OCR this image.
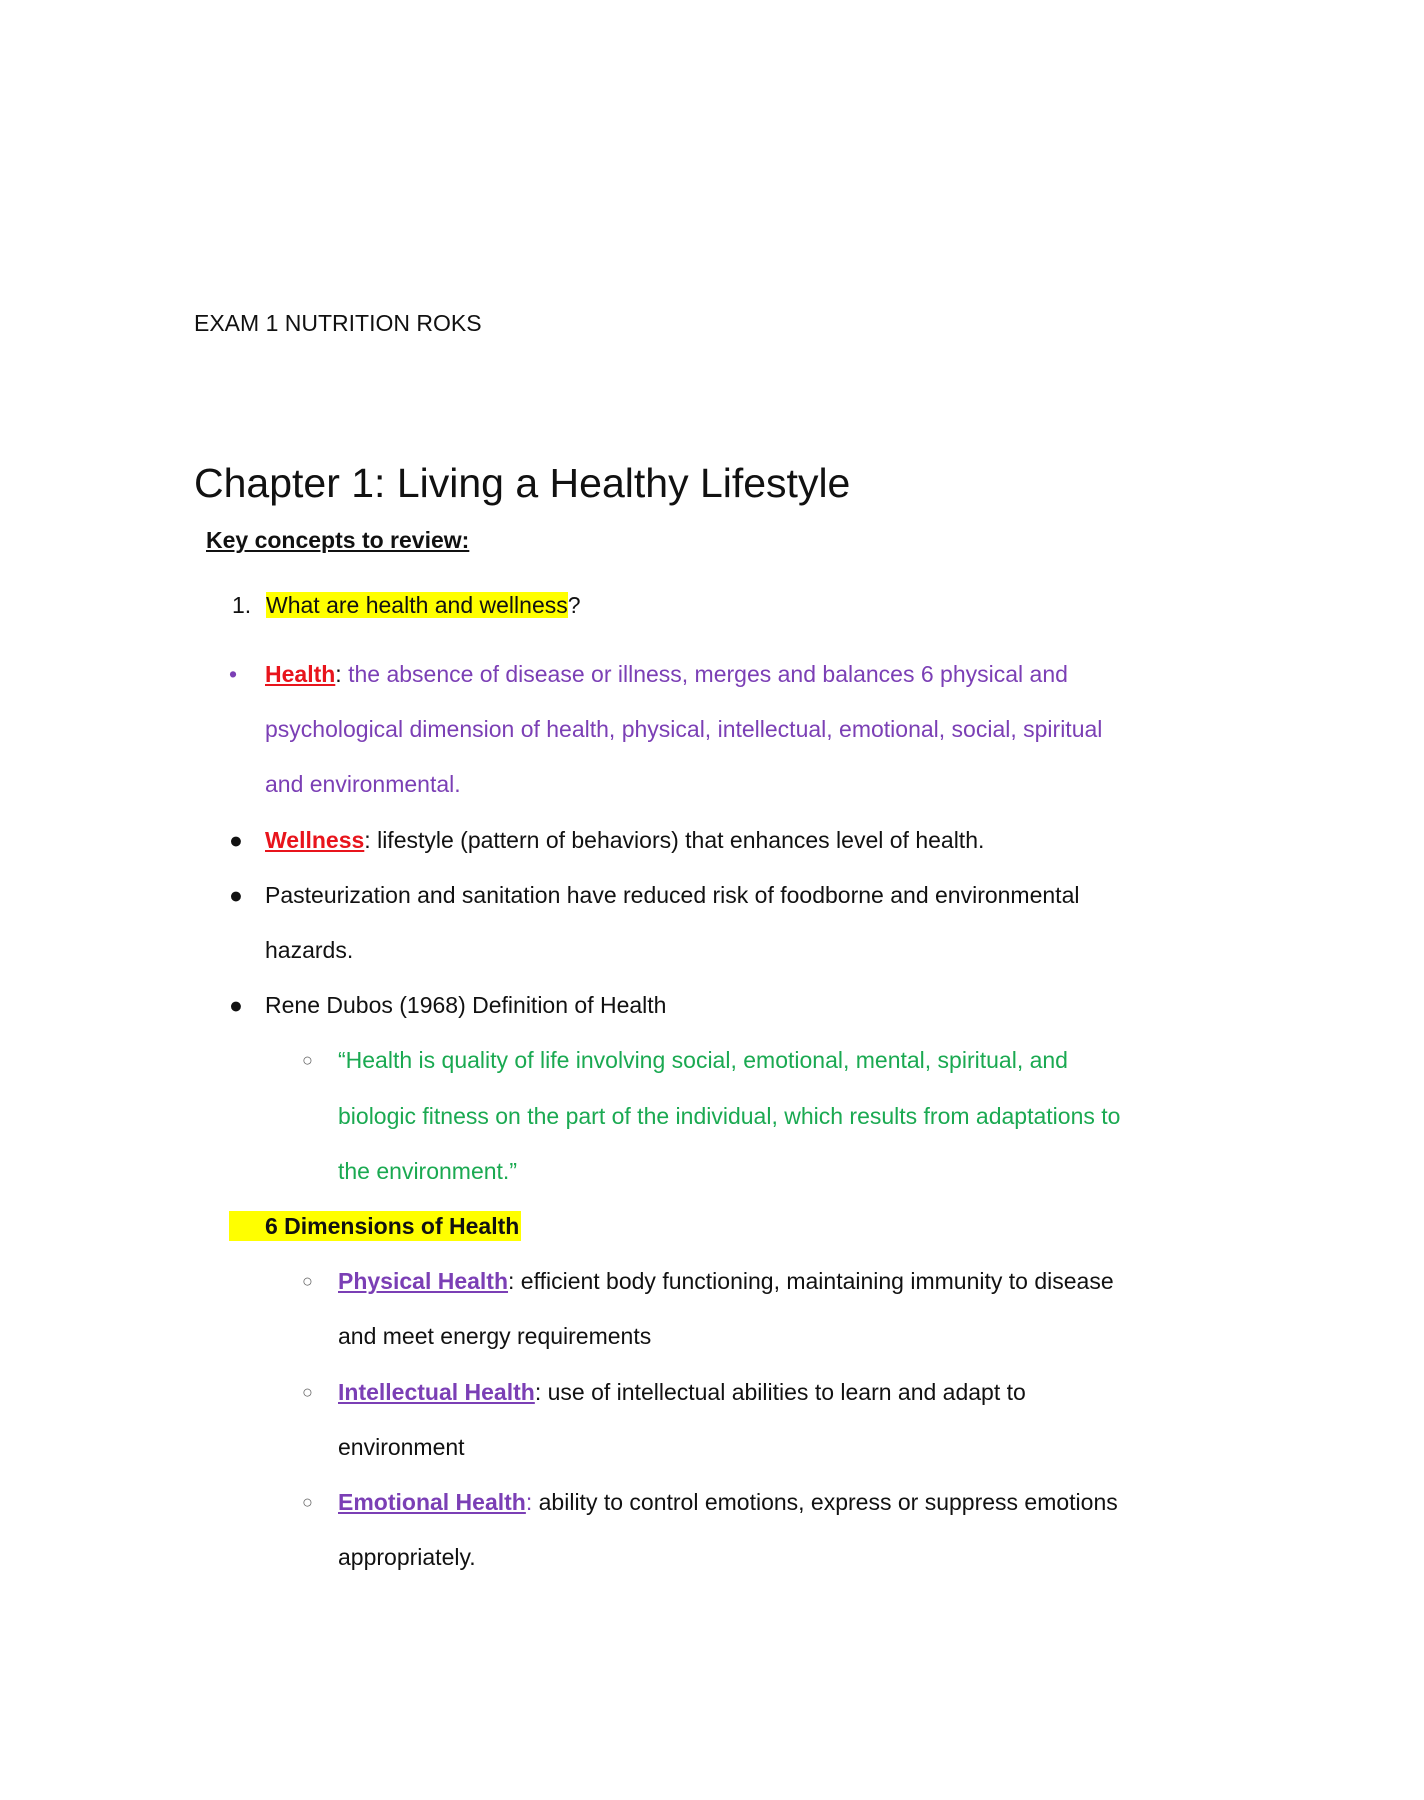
EXAM 1 NUTRITION ROKS
Chapter 1: Living a Healthy Lifestyle
Key concepts to review:
1. What are health and wellness?
•	Health: the absence of disease or illness, merges and balances 6 physical and psychological dimension of health, physical, intellectual, emotional, social, spiritual and environmental.
● Wellness: lifestyle (pattern of behaviors) that enhances level of health.
● Pasteurization and sanitation have reduced risk of foodborne and environmental hazards.
● Rene Dubos (1968) Definition of Health
○ “Health is quality of life involving social, emotional, mental, spiritual, and biologic fitness on the part of the individual, which results from adaptations to the environment.”
6 Dimensions of Health
○ Physical Health: efficient body functioning, maintaining immunity to disease and meet energy requirements
○ Intellectual Health: use of intellectual abilities to learn and adapt to environment
○ Emotional Health: ability to control emotions, express or suppress emotions appropriately.
